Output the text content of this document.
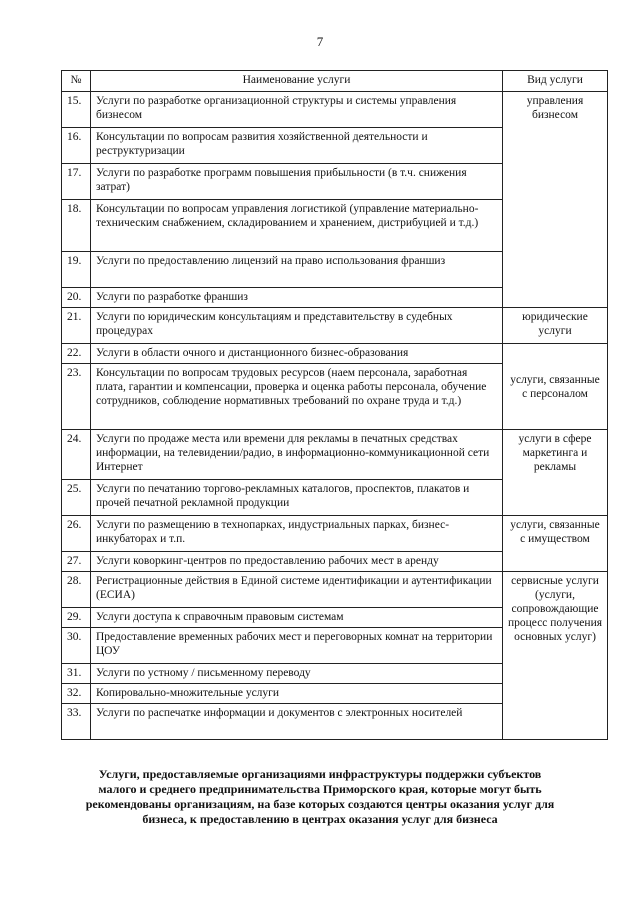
7
№	Наименование услуги	Вид услуги
15.	Услуги по разработке организационной структуры и системы управления бизнесом	управления бизнесом
16.	Консультации по вопросам развития хозяйственной деятельности и реструктуризации	
17.	Услуги по разработке программ повышения прибыльности (в т.ч. снижения затрат)	
18.	Консультации по вопросам управления логистикой (управление материально-техническим снабжением, складированием и хранением, дистрибуцией и т.д.)	
19.	Услуги по предоставлению лицензий на право использования франшиз	
20.	Услуги по разработке франшиз	
21.	Услуги по юридическим консультациям и представительству в судебных процедурах	юридические услуги
22.	Услуги в области очного и дистанционного бизнес-образования	услуги, связанные с персоналом
23.	Консультации по вопросам трудовых ресурсов (наем персонала, заработная плата, гарантии и компенсации, проверка и оценка работы персонала, обучение сотрудников, соблюдение нормативных требований по охране труда и т.д.)	
24.	Услуги по продаже места или времени для рекламы в печатных средствах информации, на телевидении/радио, в информационно-коммуникационной сети Интернет	услуги в сфере маркетинга и рекламы
25.	Услуги по печатанию торгово-рекламных каталогов, проспектов, плакатов и прочей печатной рекламной продукции	
26.	Услуги по размещению в технопарках, индустриальных парках, бизнес-инкубаторах и т.п.	услуги, связанные с имуществом
27.	Услуги коворкинг-центров по предоставлению рабочих мест в аренду	
28.	Регистрационные действия в Единой системе идентификации и аутентификации (ЕСИА)	сервисные услуги (услуги, сопровождающие процесс получения основных услуг)
29.	Услуги доступа к справочным правовым системам	
30.	Предоставление временных рабочих мест и переговорных комнат на территории ЦОУ	
31.	Услуги по устному / письменному переводу	
32.	Копировально-множительные услуги	
33.	Услуги по распечатке информации и документов с электронных носителей	
Услуги, предоставляемые организациями инфраструктуры поддержки субъектов малого и среднего предпринимательства Приморского края, которые могут быть рекомендованы организациям, на базе которых создаются центры оказания услуг для бизнеса, к предоставлению в центрах оказания услуг для бизнеса
